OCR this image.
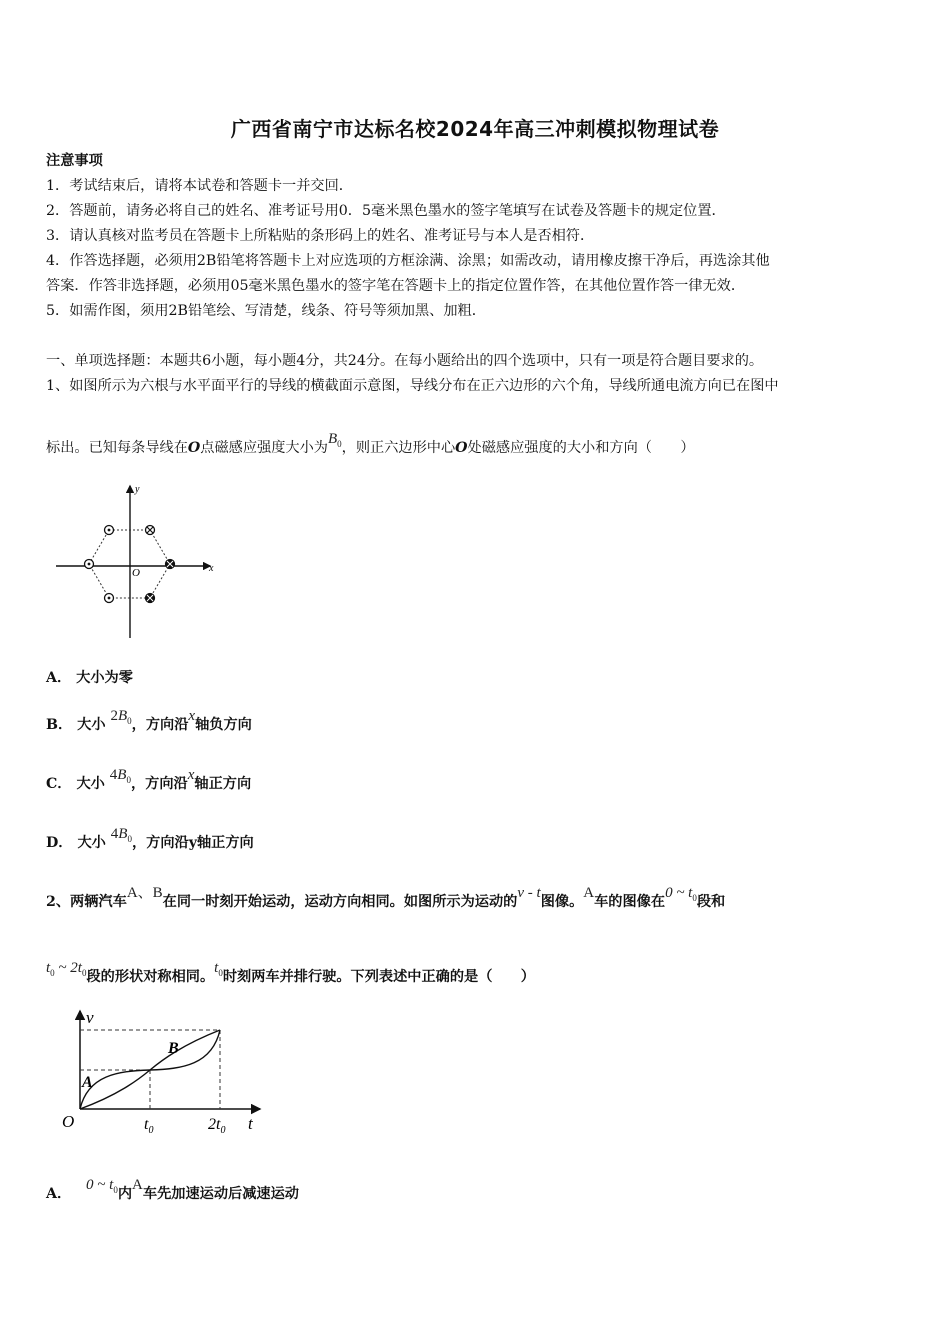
广西省南宁市达标名校2024年高三冲刺模拟物理试卷
注意事项
1．考试结束后，请将本试卷和答题卡一并交回．
2．答题前，请务必将自己的姓名、准考证号用0．5毫米黑色墨水的签字笔填写在试卷及答题卡的规定位置．
3．请认真核对监考员在答题卡上所粘贴的条形码上的姓名、准考证号与本人是否相符．
4．作答选择题，必须用2B铅笔将答题卡上对应选项的方框涂满、涂黑；如需改动，请用橡皮擦干净后，再选涂其他
答案．作答非选择题，必须用05毫米黑色墨水的签字笔在答题卡上的指定位置作答，在其他位置作答一律无效．
5．如需作图，须用2B铅笔绘、写清楚，线条、符号等须加黑、加粗．
一、单项选择题：本题共6小题，每小题4分，共24分。在每小题给出的四个选项中，只有一项是符合题目要求的。
1、如图所示为六根与水平面平行的导线的横截面示意图，导线分布在正六边形的六个角，导线所通电流方向已在图中
标出。已知每条导线在O点磁感应强度大小为$B_0$，则正六边形中心O处磁感应强度的大小和方向（　　）
y
x
O
A． 大小为零
B． 大小 $2B_0$，方向沿x轴负方向
C． 大小 $4B_0$，方向沿x轴正方向
D． 大小 $4B_0$，方向沿y轴正方向
2、两辆汽车A、B在同一时刻开始运动，运动方向相同。如图所示为运动的v - t图像。A车的图像在0 ~ $t_0$段和
$t_0$ ~ $2t_0$段的形状对称相同。$t_0$时刻两车并排行驶。下列表述中正确的是（　　）
v
t
O
A
B
$t_0$	$2t_0$
A．   0 ~ $t_0$内A车先加速运动后减速运动
